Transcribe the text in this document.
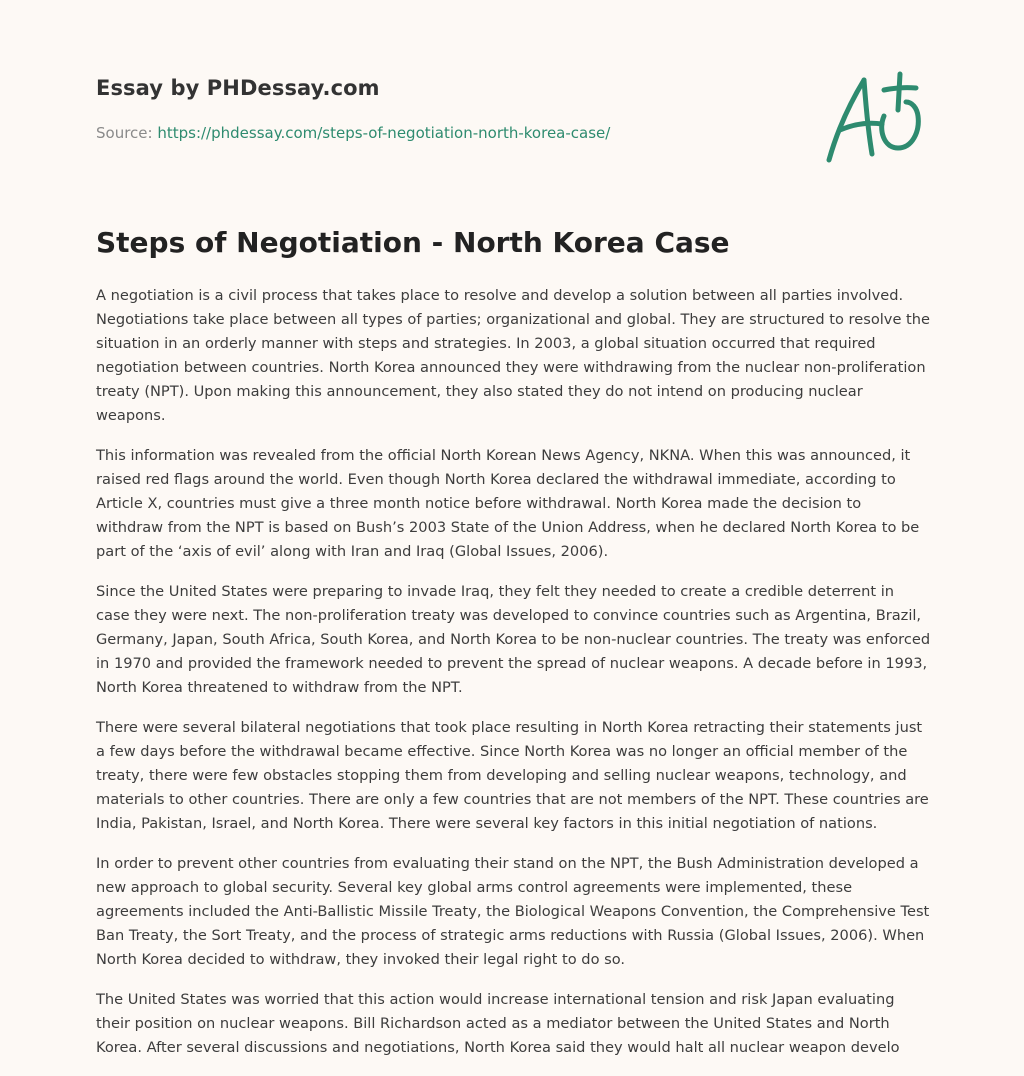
Essay by PHDessay.com
Source: https://phdessay.com/steps-of-negotiation-north-korea-case/
Steps of Negotiation - North Korea Case

A negotiation is a civil process that takes place to resolve and develop a solution between all parties involved. Negotiations take place between all types of parties; organizational and global. They are structured to resolve the situation in an orderly manner with steps and strategies. In 2003, a global situation occurred that required negotiation between countries. North Korea announced they were withdrawing from the nuclear non-proliferation treaty (NPT). Upon making this announcement, they also stated they do not intend on producing nuclear weapons.

This information was revealed from the official North Korean News Agency, NKNA. When this was announced, it raised red flags around the world. Even though North Korea declared the withdrawal immediate, according to Article X, countries must give a three month notice before withdrawal. North Korea made the decision to withdraw from the NPT is based on Bush’s 2003 State of the Union Address, when he declared North Korea to be part of the ‘axis of evil’ along with Iran and Iraq (Global Issues, 2006).

Since the United States were preparing to invade Iraq, they felt they needed to create a credible deterrent in case they were next. The non-proliferation treaty was developed to convince countries such as Argentina, Brazil, Germany, Japan, South Africa, South Korea, and North Korea to be non-nuclear countries. The treaty was enforced in 1970 and provided the framework needed to prevent the spread of nuclear weapons. A decade before in 1993, North Korea threatened to withdraw from the NPT.

There were several bilateral negotiations that took place resulting in North Korea retracting their statements just a few days before the withdrawal became effective. Since North Korea was no longer an official member of the treaty, there were few obstacles stopping them from developing and selling nuclear weapons, technology, and materials to other countries. There are only a few countries that are not members of the NPT. These countries are India, Pakistan, Israel, and North Korea. There were several key factors in this initial negotiation of nations.

In order to prevent other countries from evaluating their stand on the NPT, the Bush Administration developed a new approach to global security. Several key global arms control agreements were implemented, these agreements included the Anti-Ballistic Missile Treaty, the Biological Weapons Convention, the Comprehensive Test Ban Treaty, the Sort Treaty, and the process of strategic arms reductions with Russia (Global Issues, 2006). When North Korea decided to withdraw, they invoked their legal right to do so.

The United States was worried that this action would increase international tension and risk Japan evaluating their position on nuclear weapons. Bill Richardson acted as a mediator between the United States and North Korea. After several discussions and negotiations, North Korea said they would halt all nuclear weapon develo
